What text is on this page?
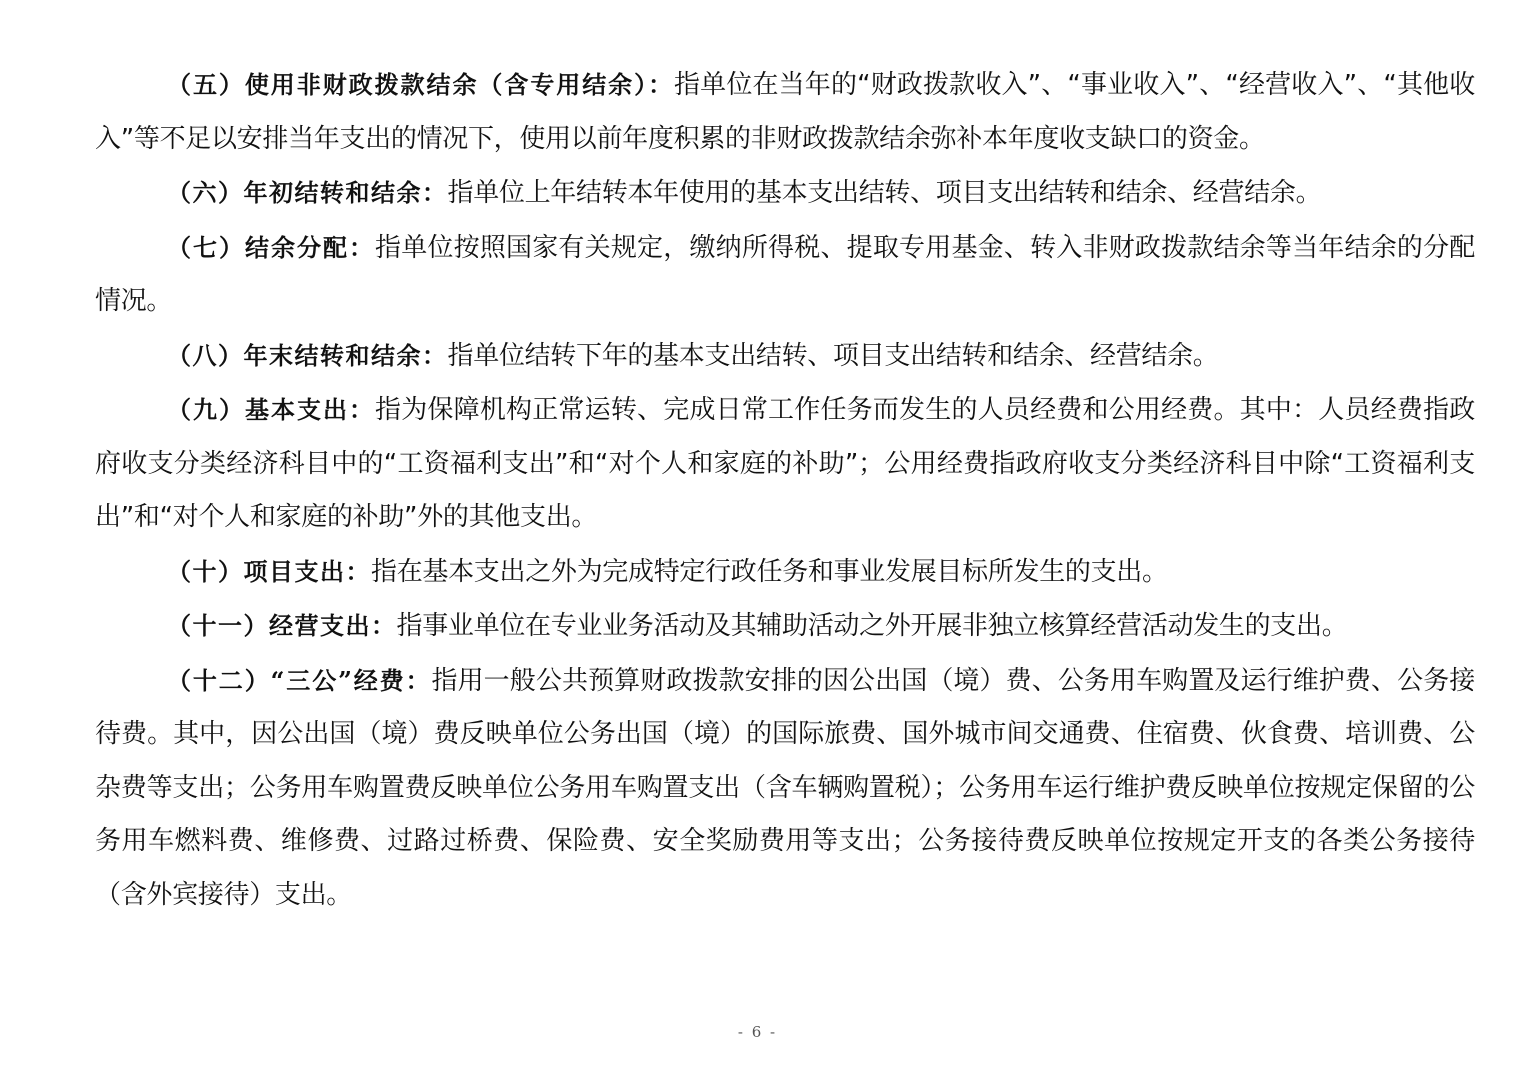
（五）使用非财政拨款结余（含专用结余）：指单位在当年的“财政拨款收入”、“事业收入”、“经营收入”、“其他收入”等不足以安排当年支出的情况下，使用以前年度积累的非财政拨款结余弥补本年度收支缺口的资金。

（六）年初结转和结余：指单位上年结转本年使用的基本支出结转、项目支出结转和结余、经营结余。

（七）结余分配：指单位按照国家有关规定，缴纳所得税、提取专用基金、转入非财政拨款结余等当年结余的分配情况。

（八）年末结转和结余：指单位结转下年的基本支出结转、项目支出结转和结余、经营结余。

（九）基本支出：指为保障机构正常运转、完成日常工作任务而发生的人员经费和公用经费。其中：人员经费指政府收支分类经济科目中的“工资福利支出”和“对个人和家庭的补助”；公用经费指政府收支分类经济科目中除“工资福利支出”和“对个人和家庭的补助”外的其他支出。

（十）项目支出：指在基本支出之外为完成特定行政任务和事业发展目标所发生的支出。

（十一）经营支出：指事业单位在专业业务活动及其辅助活动之外开展非独立核算经营活动发生的支出。

（十二）“三公”经费：指用一般公共预算财政拨款安排的因公出国（境）费、公务用车购置及运行维护费、公务接待费。其中，因公出国（境）费反映单位公务出国（境）的国际旅费、国外城市间交通费、住宿费、伙食费、培训费、公杂费等支出；公务用车购置费反映单位公务用车购置支出（含车辆购置税）；公务用车运行维护费反映单位按规定保留的公务用车燃料费、维修费、过路过桥费、保险费、安全奖励费用等支出；公务接待费反映单位按规定开支的各类公务接待（含外宾接待）支出。

- 6 -
